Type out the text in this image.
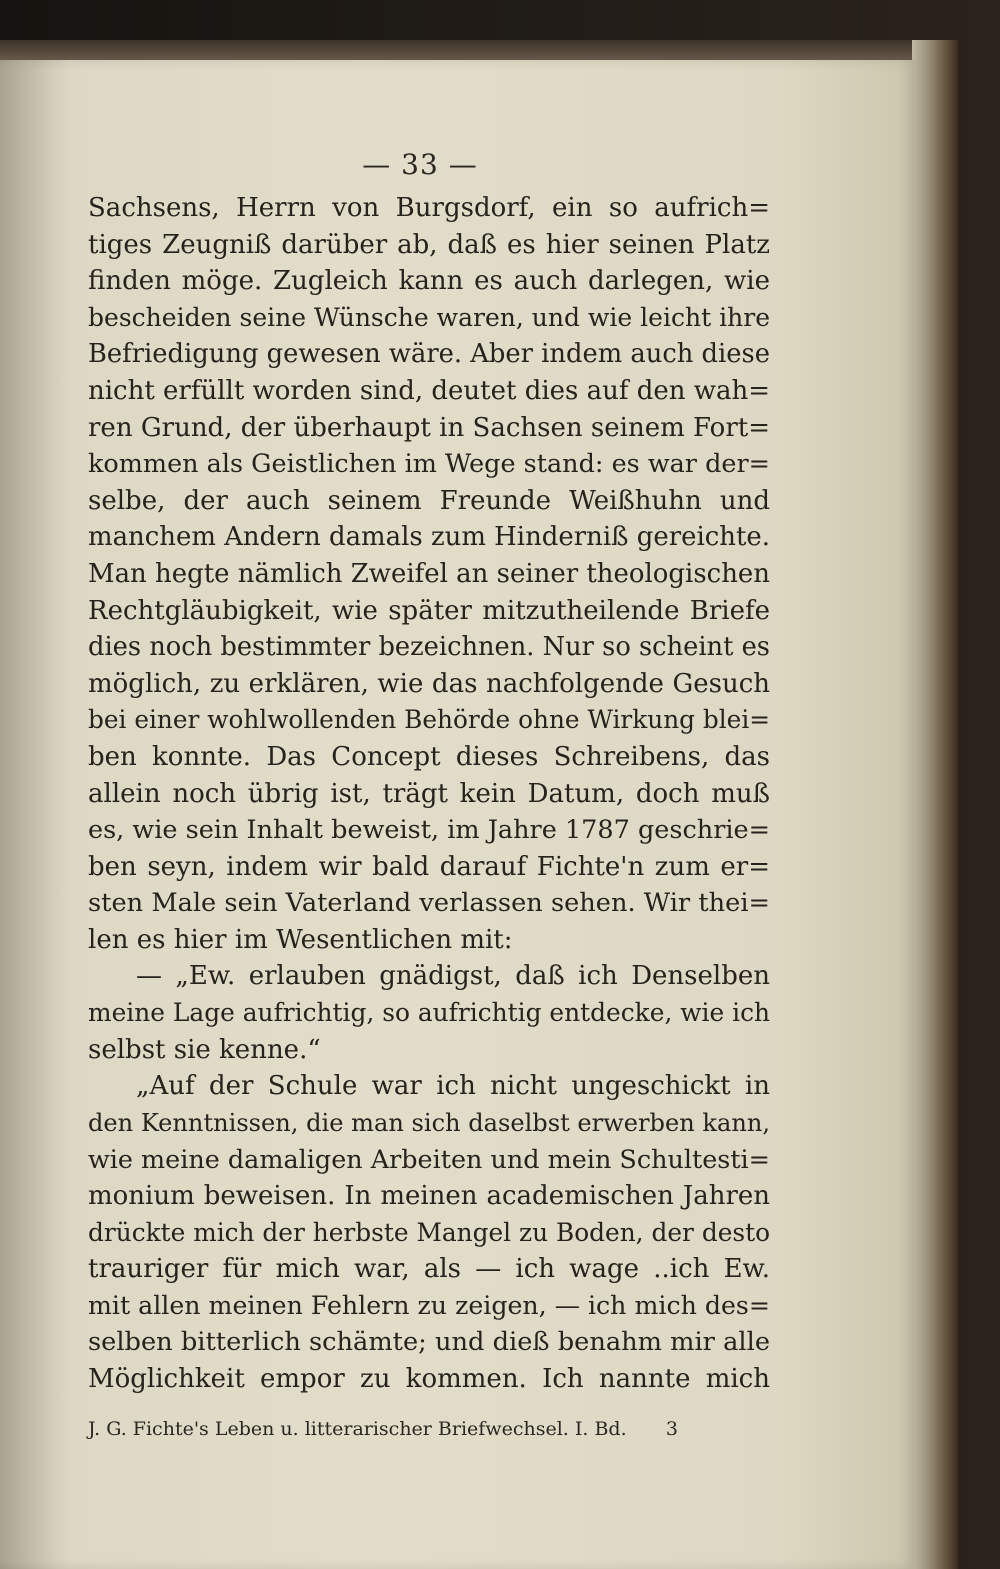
— 33 —
Sachsens, Herrn von Burgsdorf, ein so aufrich=
tiges Zeugniß darüber ab, daß es hier seinen Platz
finden möge. Zugleich kann es auch darlegen, wie
bescheiden seine Wünsche waren, und wie leicht ihre
Befriedigung gewesen wäre. Aber indem auch diese
nicht erfüllt worden sind, deutet dies auf den wah=
ren Grund, der überhaupt in Sachsen seinem Fort=
kommen als Geistlichen im Wege stand: es war der=
selbe, der auch seinem Freunde Weißhuhn und
manchem Andern damals zum Hinderniß gereichte.
Man hegte nämlich Zweifel an seiner theologischen
Rechtgläubigkeit, wie später mitzutheilende Briefe
dies noch bestimmter bezeichnen. Nur so scheint es
möglich, zu erklären, wie das nachfolgende Gesuch
bei einer wohlwollenden Behörde ohne Wirkung blei=
ben konnte. Das Concept dieses Schreibens, das
allein noch übrig ist, trägt kein Datum, doch muß
es, wie sein Inhalt beweist, im Jahre 1787 geschrie=
ben seyn, indem wir bald darauf Fichte'n zum er=
sten Male sein Vaterland verlassen sehen. Wir thei=
len es hier im Wesentlichen mit:
— „Ew. erlauben gnädigst, daß ich Denselben
meine Lage aufrichtig, so aufrichtig entdecke, wie ich
selbst sie kenne.“
„Auf der Schule war ich nicht ungeschickt in
den Kenntnissen, die man sich daselbst erwerben kann,
wie meine damaligen Arbeiten und mein Schultesti=
monium beweisen. In meinen academischen Jahren
drückte mich der herbste Mangel zu Boden, der desto
trauriger für mich war, als — ich wage ..ich Ew.
mit allen meinen Fehlern zu zeigen, — ich mich des=
selben bitterlich schämte; und dieß benahm mir alle
Möglichkeit empor zu kommen. Ich nannte mich
J. G. Fichte's Leben u. litterarischer Briefwechsel. I. Bd. 3
